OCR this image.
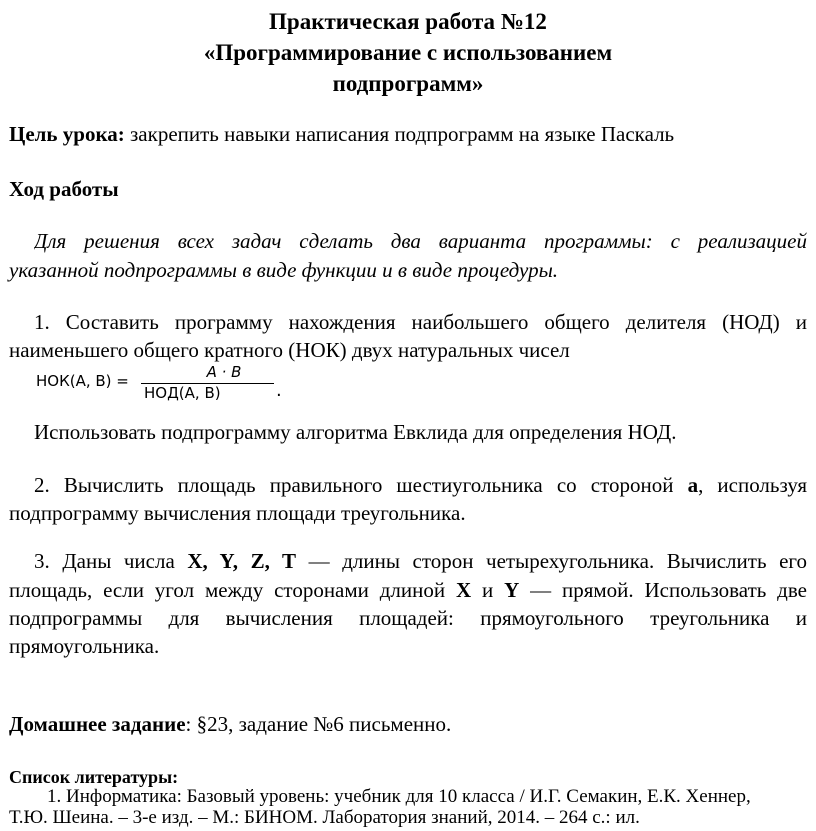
Практическая работа №12
«Программирование с использованием
подпрограмм»
Цель урока: закрепить навыки написания подпрограмм на языке Паскаль
Ход работы
Для решения всех задач сделать два варианта программы: с реализацией
указанной подпрограммы в виде функции и в виде процедуры.
1. Составить программу нахождения наибольшего общего делителя (НОД) и
наименьшего общего кратного (НОК) двух натуральных чисел
НОК(A, B) =	A · B
НОД(A, B)	.
Использовать подпрограмму алгоритма Евклида для определения НОД.
2. Вычислить площадь правильного шестиугольника со стороной a, используя
подпрограмму вычисления площади треугольника.
3. Даны числа X, Y, Z, T — длины сторон четырехугольника. Вычислить его
площадь, если угол между сторонами длиной X и Y — прямой. Использовать две
подпрограммы для вычисления площадей: прямоугольного треугольника и
прямоугольника.
Домашнее задание: §23, задание №6 письменно.
Список литературы:
1. Информатика: Базовый уровень: учебник для 10 класса / И.Г. Семакин, Е.К. Хеннер,
Т.Ю. Шеина. – 3-е изд. – М.: БИНОМ. Лаборатория знаний, 2014. – 264 с.: ил.
